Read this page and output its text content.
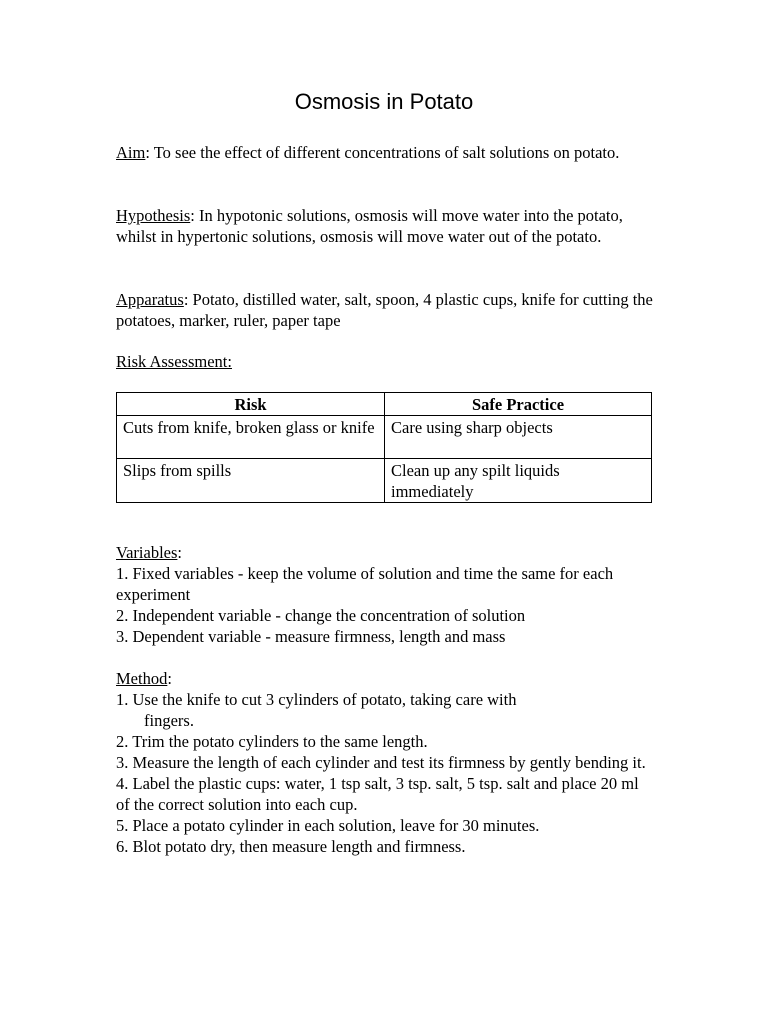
Osmosis in Potato

Aim: To see the effect of different concentrations of salt solutions on potato.

Hypothesis: In hypotonic solutions, osmosis will move water into the potato, whilst in hypertonic solutions, osmosis will move water out of the potato.

Apparatus: Potato, distilled water, salt, spoon, 4 plastic cups, knife for cutting the potatoes, marker, ruler, paper tape

Risk Assessment:

Risk	Safe Practice
Cuts from knife, broken glass or knife	Care using sharp objects
Slips from spills	Clean up any spilt liquids immediately
Variables:
1. Fixed variables - keep the volume of solution and time the same for each experiment
2. Independent variable - change the concentration of solution
3. Dependent variable - measure firmness, length and mass
Method:
1. Use the knife to cut 3 cylinders of potato, taking care with
fingers.
2. Trim the potato cylinders to the same length.
3. Measure the length of each cylinder and test its firmness by gently bending it.
4. Label the plastic cups: water, 1 tsp salt, 3 tsp. salt, 5 tsp. salt and place 20 ml of the correct solution into each cup.
5. Place a potato cylinder in each solution, leave for 30 minutes.
6. Blot potato dry, then measure length and firmness.
